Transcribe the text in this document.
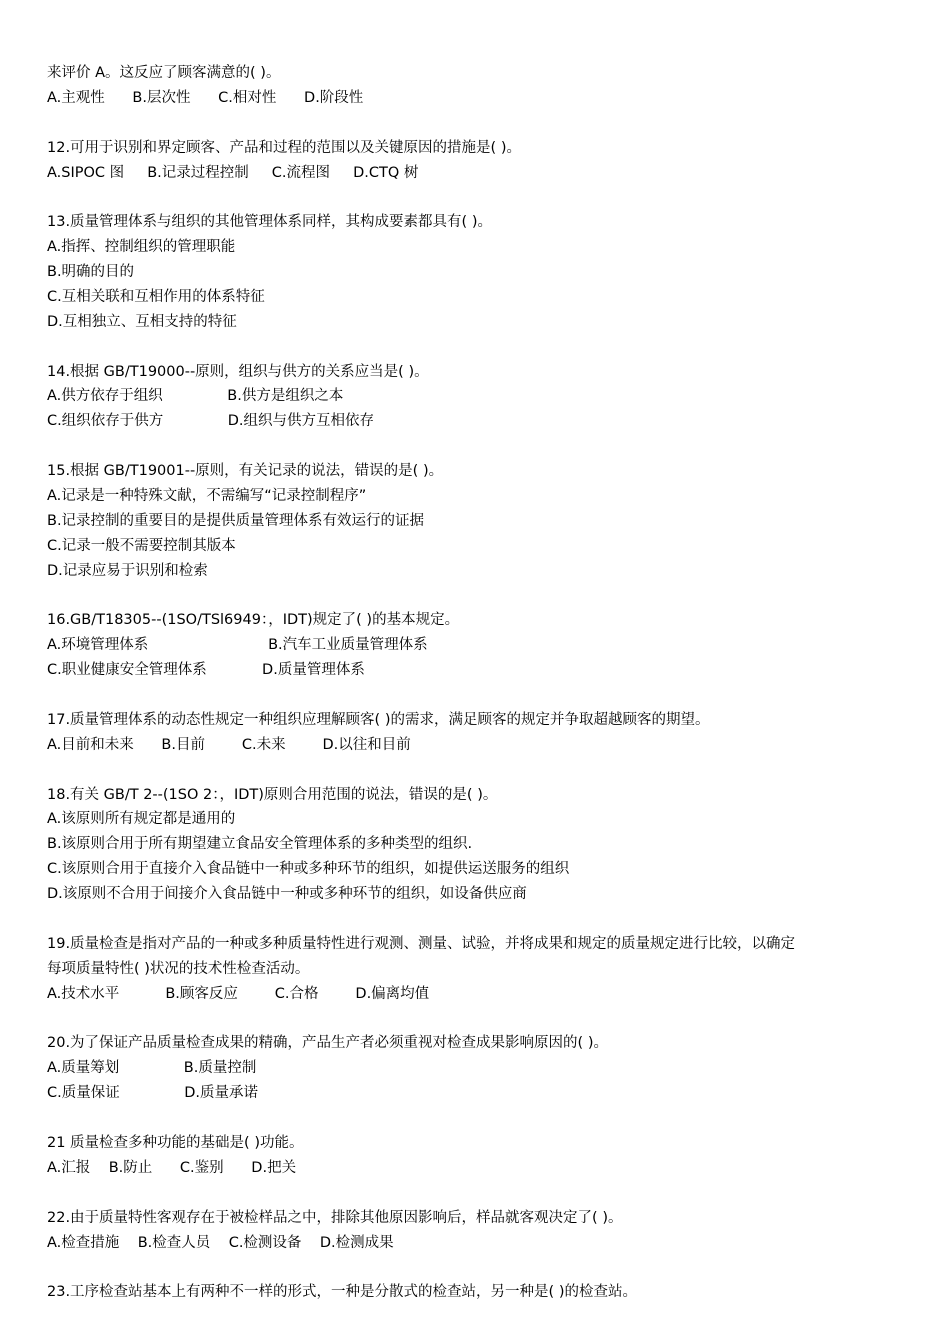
来评价 A。这反应了顾客满意的( )。
A.主观性      B.层次性      C.相对性      D.阶段性
12.可用于识别和界定顾客、产品和过程的范围以及关键原因的措施是( )。
A.SIPOC 图     B.记录过程控制     C.流程图     D.CTQ 树
13.质量管理体系与组织的其他管理体系同样，其构成要素都具有( )。
A.指挥、控制组织的管理职能
B.明确的目的
C.互相关联和互相作用的体系特征
D.互相独立、互相支持的特征
14.根据 GB/T19000--原则，组织与供方的关系应当是( )。
A.供方依存于组织              B.供方是组织之本
C.组织依存于供方              D.组织与供方互相依存
15.根据 GB/T19001--原则，有关记录的说法，错误的是( )。
A.记录是一种特殊文献，不需编写“记录控制程序”
B.记录控制的重要目的是提供质量管理体系有效运行的证据
C.记录一般不需要控制其版本
D.记录应易于识别和检索
16.GB/T18305--(1SO/TSl6949：，IDT)规定了( )的基本规定。
A.环境管理体系                          B.汽车工业质量管理体系
C.职业健康安全管理体系            D.质量管理体系
17.质量管理体系的动态性规定一种组织应理解顾客( )的需求，满足顾客的规定并争取超越顾客的期望。
A.目前和未来      B.目前        C.未来        D.以往和目前
18.有关 GB/T 2--(1SO 2：，IDT)原则合用范围的说法，错误的是( )。
A.该原则所有规定都是通用的
B.该原则合用于所有期望建立食品安全管理体系的多种类型的组织.
C.该原则合用于直接介入食品链中一种或多种环节的组织，如提供运送服务的组织
D.该原则不合用于间接介入食品链中一种或多种环节的组织，如设备供应商
19.质量检查是指对产品的一种或多种质量特性进行观测、测量、试验，并将成果和规定的质量规定进行比较，以确定
每项质量特性( )状况的技术性检查活动。
A.技术水平          B.顾客反应        C.合格        D.偏离均值
20.为了保证产品质量检查成果的精确，产品生产者必须重视对检查成果影响原因的( )。
A.质量筹划              B.质量控制
C.质量保证              D.质量承诺
21 质量检查多种功能的基础是( )功能。
A.汇报    B.防止      C.鉴别      D.把关
22.由于质量特性客观存在于被检样品之中，排除其他原因影响后，样品就客观决定了( )。
A.检查措施    B.检查人员    C.检测设备    D.检测成果
23.工序检查站基本上有两种不一样的形式，一种是分散式的检查站，另一种是( )的检查站。
